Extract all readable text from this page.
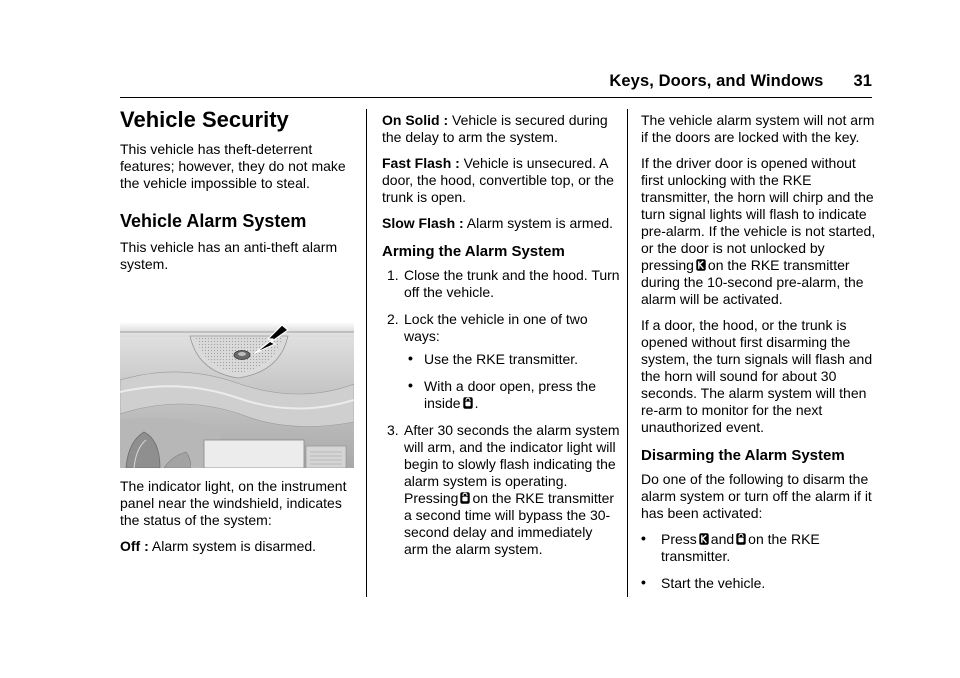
Keys, Doors, and Windows 31
Vehicle Security

This vehicle has theft-deterrent features; however, they do not make the vehicle impossible to steal.

Vehicle Alarm System

This vehicle has an anti-theft alarm system.

The indicator light, on the instrument panel near the windshield, indicates the status of the system:

Off : Alarm system is disarmed.

On Solid : Vehicle is secured during the delay to arm the system.

Fast Flash : Vehicle is unsecured. A door, the hood, convertible top, or the trunk is open.

Slow Flash : Alarm system is armed.

Arming the Alarm System
1. Close the trunk and the hood. Turn off the vehicle.
2. Lock the vehicle in one of two ways:
• Use the RKE transmitter.
• With a door open, press the
inside .
3. After 30 seconds the alarm system will arm, and the indicator light will begin to slowly flash indicating the alarm system is operating.
Pressing on the RKE transmitter a second time will bypass the 30-second delay and immediately arm the alarm system.

The vehicle alarm system will not arm if the doors are locked with the key.

If the driver door is opened without first unlocking with the RKE transmitter, the horn will chirp and the turn signal lights will flash to indicate pre-alarm. If the vehicle is not started, or the door is not unlocked by pressing on the RKE transmitter during the 10-second pre-alarm, the alarm will be activated.

If a door, the hood, or the trunk is opened without first disarming the system, the turn signals will flash and the horn will sound for about 30 seconds. The alarm system will then re-arm to monitor for the next unauthorized event.

Disarming the Alarm System

Do one of the following to disarm the alarm system or turn off the alarm if it has been activated:

• Press and on the RKE transmitter.
• Start the vehicle.
